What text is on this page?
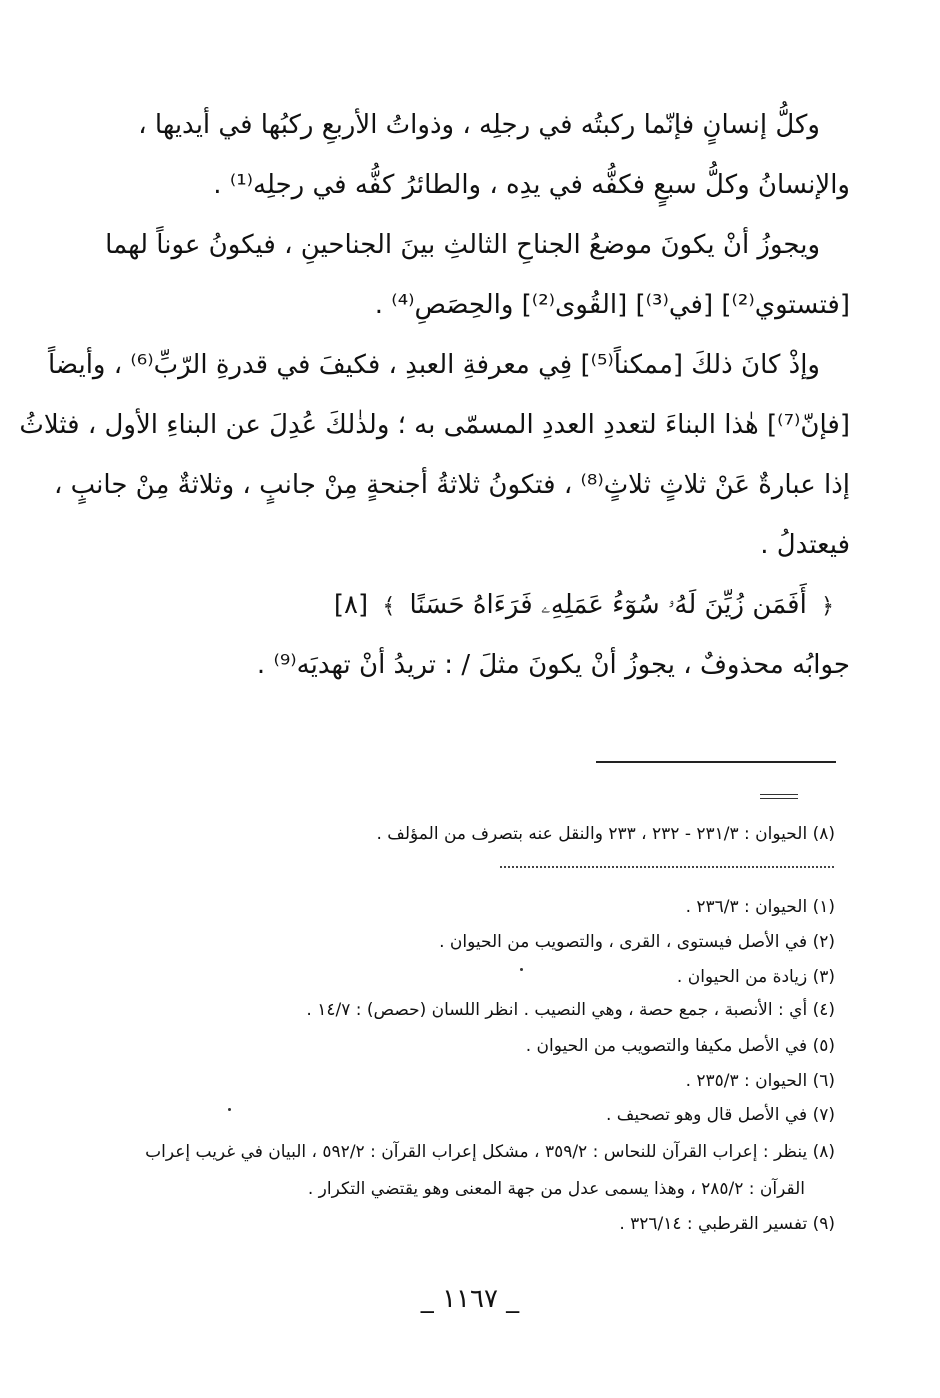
وكلُّ إنسانٍ فإنّما ركبتُه في رجلِه ، وذواتُ الأربعِ ركبُها في أيديها ،
والإنسانُ وكلُّ سبعٍ فكفُّه في يدِه ، والطائرُ كفُّه في رجلِه⁽¹⁾ .
ويجوزُ أنْ يكونَ موضعُ الجناحِ الثالثِ بينَ الجناحينِ ، فيكونُ عوناً لهما
[فتستوي⁽²⁾] [في⁽³⁾] [القُوى⁽²⁾] والحِصَصِ⁽⁴⁾ .
وإذْ كانَ ذلكَ [ممكناً⁽⁵⁾] فِي معرفةِ العبدِ ، فكيفَ في قدرةِ الرّبِّ⁽⁶⁾ ، وأيضاً
[فإنّ⁽⁷⁾] هٰذا البناءَ لتعددِ العددِ المسمّى به ؛ ولذٰلكَ عُدِلَ عن البناءِ الأول ، فثلاثُ
إذا عبارةٌ عَنْ ثلاثٍ ثلاثٍ⁽⁸⁾ ، فتكونُ ثلاثةُ أجنحةٍ مِنْ جانبٍ ، وثلاثةٌ مِنْ جانبٍ ،
فيعتدلُ .
﴿ أَفَمَن زُيِّنَ لَهُۥ سُوٓءُ عَمَلِهِۦ فَرَءَاهُ حَسَنًا ﴾ [٨]
جوابُه محذوفٌ ، يجوزُ أنْ يكونَ مثلَ / : تريدُ أنْ تهديَه⁽⁹⁾ .
(٨) الحيوان : ٢٣١/٣ - ٢٣٢ ، ٢٣٣ والنقل عنه بتصرف من المؤلف .
(١) الحيوان : ٢٣٦/٣ .
(٢) في الأصل فيستوى ، القرى ، والتصويب من الحيوان .
(٣) زيادة من الحيوان .
(٤) أي : الأنصبة ، جمع حصة ، وهي النصيب . انظر اللسان (حصص) : ١٤/٧ .
(٥) في الأصل مكيفا والتصويب من الحيوان .
(٦) الحيوان : ٢٣٥/٣ .
(٧) في الأصل قال وهو تصحيف .
(٨) ينظر : إعراب القرآن للنحاس : ٣٥٩/٢ ، مشكل إعراب القرآن : ٥٩٢/٢ ، البيان في غريب إعراب
القرآن : ٢٨٥/٢ ، وهذا يسمى عدل من جهة المعنى وهو يقتضي التكرار .
(٩) تفسير القرطبي : ٣٢٦/١٤ .
_ ١١٦٧ _
